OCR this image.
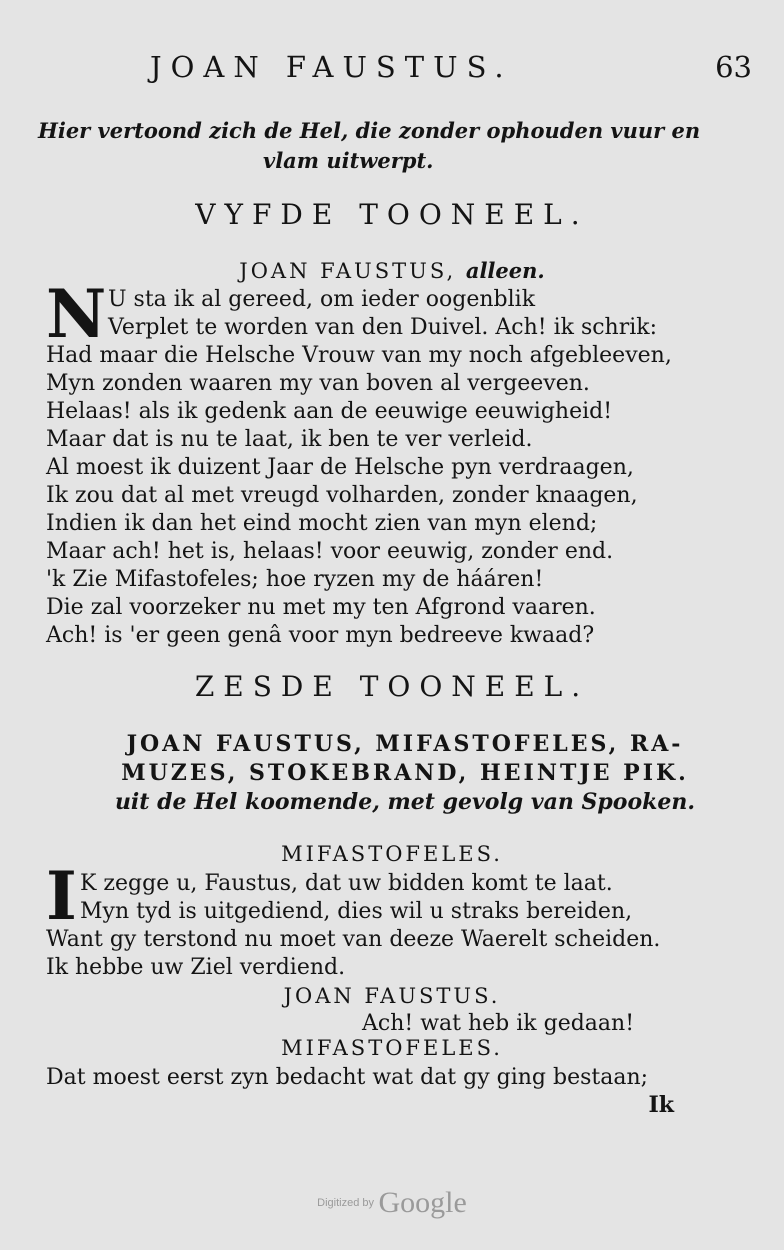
JOAN FAUSTUS.	63
Hier vertoond zich de Hel, die zonder ophouden vuur en
vlam uitwerpt.
VYFDE TOONEEL.
JOAN FAUSTUS, alleen.
N U sta ik al gereed, om ieder oogenblik
Verplet te worden van den Duivel. Ach! ik schrik:
Had maar die Helsche Vrouw van my noch afgebleeven,
Myn zonden waaren my van boven al vergeeven.
Helaas! als ik gedenk aan de eeuwige eeuwigheid!
Maar dat is nu te laat, ik ben te ver verleid.
Al moest ik duizent Jaar de Helsche pyn verdraagen,
Ik zou dat al met vreugd volharden, zonder knaagen,
Indien ik dan het eind mocht zien van myn elend;
Maar ach! het is, helaas! voor eeuwig, zonder end.
'k Zie Mifastofeles; hoe ryzen my de hááren!
Die zal voorzeker nu met my ten Afgrond vaaren.
Ach! is 'er geen genâ voor myn bedreeve kwaad?
ZESDE TOONEEL.
JOAN FAUSTUS, MIFASTOFELES, RA-
MUZES, STOKEBRAND, HEINTJE PIK.
uit de Hel koomende, met gevolg van Spooken.
MIFASTOFELES.
I K zegge u, Faustus, dat uw bidden komt te laat.
Myn tyd is uitgediend, dies wil u straks bereiden,
Want gy terstond nu moet van deeze Waerelt scheiden.
Ik hebbe uw Ziel verdiend.
JOAN FAUSTUS.
Ach! wat heb ik gedaan!
MIFASTOFELES.
Dat moest eerst zyn bedacht wat dat gy ging bestaan;
Ik
Digitized by Google
